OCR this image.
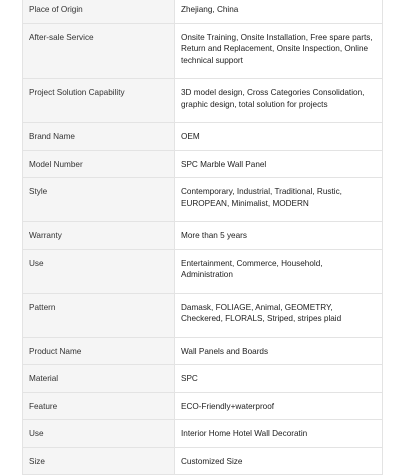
Place of Origin	Zhejiang, China
After-sale Service	Onsite Training, Onsite Installation, Free spare parts, Return and Replacement, Onsite Inspection, Online technical support
Project Solution Capability	3D model design, Cross Categories Consolidation, graphic design, total solution for projects
Brand Name	OEM
Model Number	SPC Marble Wall Panel
Style	Contemporary, Industrial, Traditional, Rustic, EUROPEAN, Minimalist, MODERN
Warranty	More than 5 years
Use	Entertainment, Commerce, Household, Administration
Pattern	Damask, FOLIAGE, Animal, GEOMETRY, Checkered, FLORALS, Striped, stripes plaid
Product Name	Wall Panels and Boards
Material	SPC
Feature	ECO-Friendly+waterproof
Use	Interior Home Hotel Wall Decoratin
Size	Customized Size
